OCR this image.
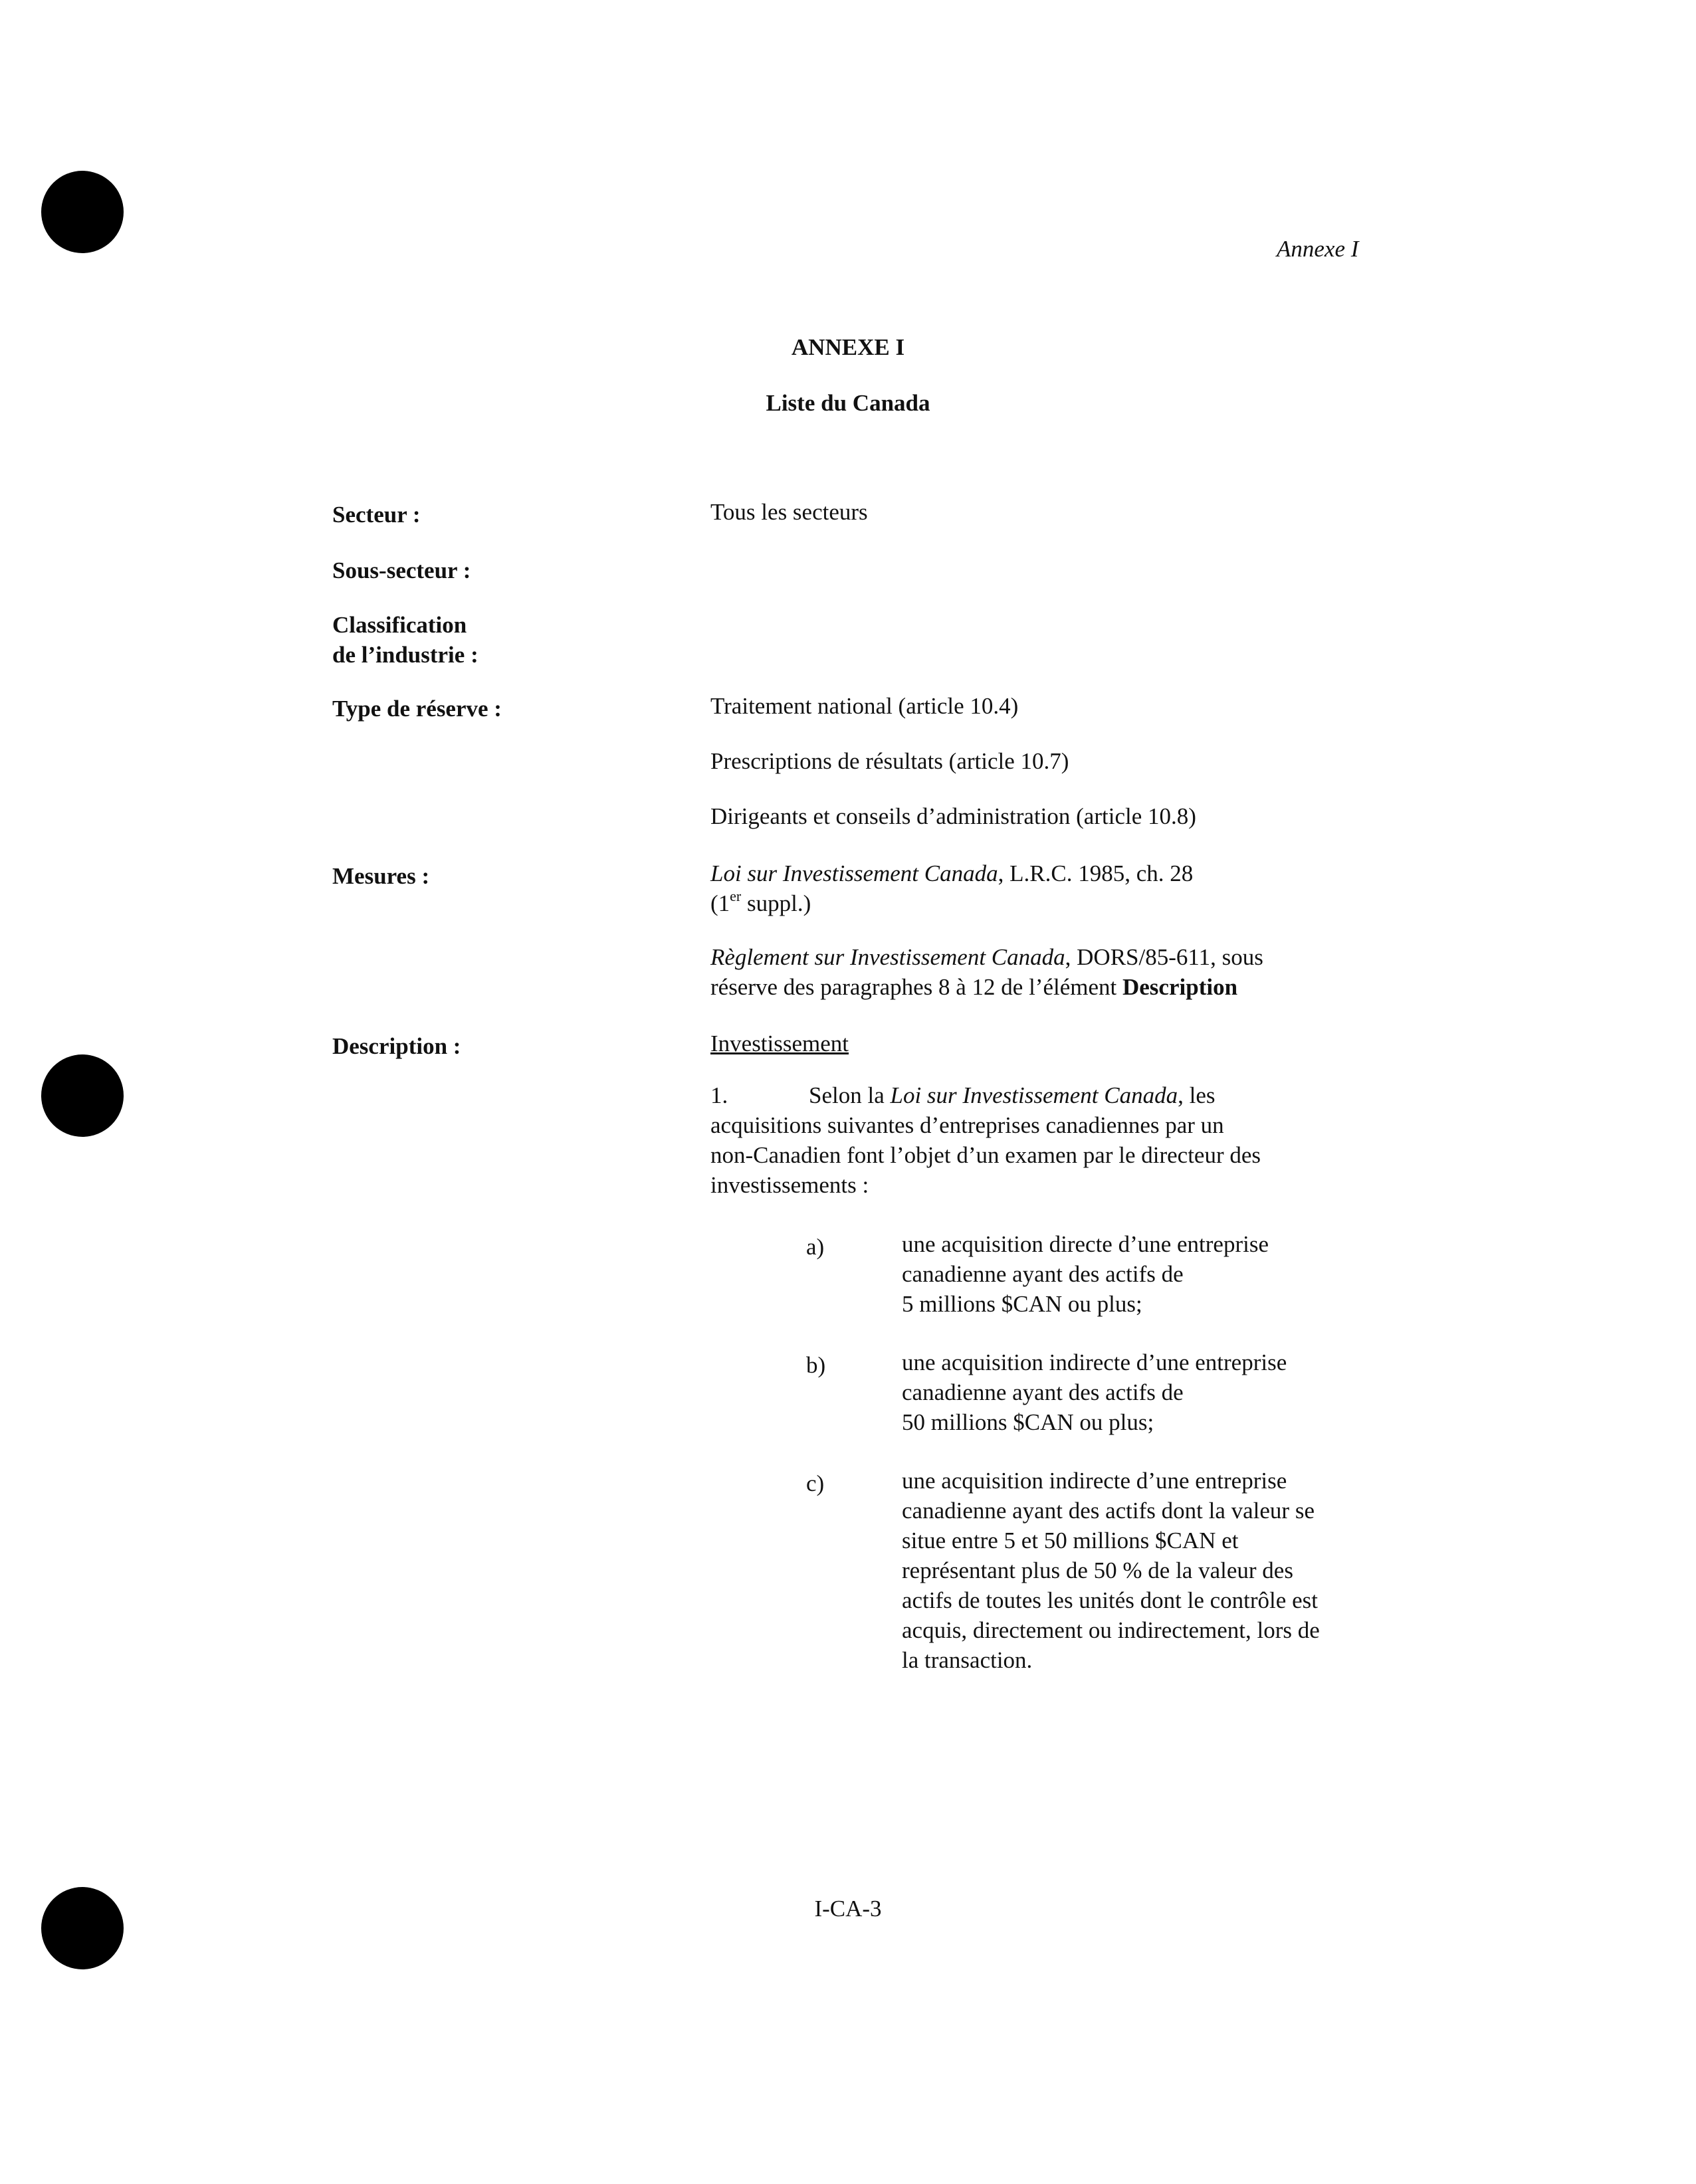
Annexe I
ANNEXE I
Liste du Canada
Secteur :	Tous les secteurs
Sous-secteur :
Classification
de l’industrie :
Type de réserve :	Traitement national (article 10.4)
Prescriptions de résultats (article 10.7)
Dirigeants et conseils d’administration (article 10.8)
Mesures :	Loi sur Investissement Canada, L.R.C. 1985, ch. 28
(1er suppl.)
Règlement sur Investissement Canada, DORS/85-611, sous
réserve des paragraphes 8 à 12 de l’élément Description
Description :	Investissement
1.	Selon la Loi sur Investissement Canada, les
acquisitions suivantes d’entreprises canadiennes par un
non-Canadien font l’objet d’un examen par le directeur des
investissements :
a)	une acquisition directe d’une entreprise
canadienne ayant des actifs de
5 millions $CAN ou plus;
b)	une acquisition indirecte d’une entreprise
canadienne ayant des actifs de
50 millions $CAN ou plus;
c)	une acquisition indirecte d’une entreprise
canadienne ayant des actifs dont la valeur se
situe entre 5 et 50 millions $CAN et
représentant plus de 50 % de la valeur des
actifs de toutes les unités dont le contrôle est
acquis, directement ou indirectement, lors de
la transaction.
I-CA-3
